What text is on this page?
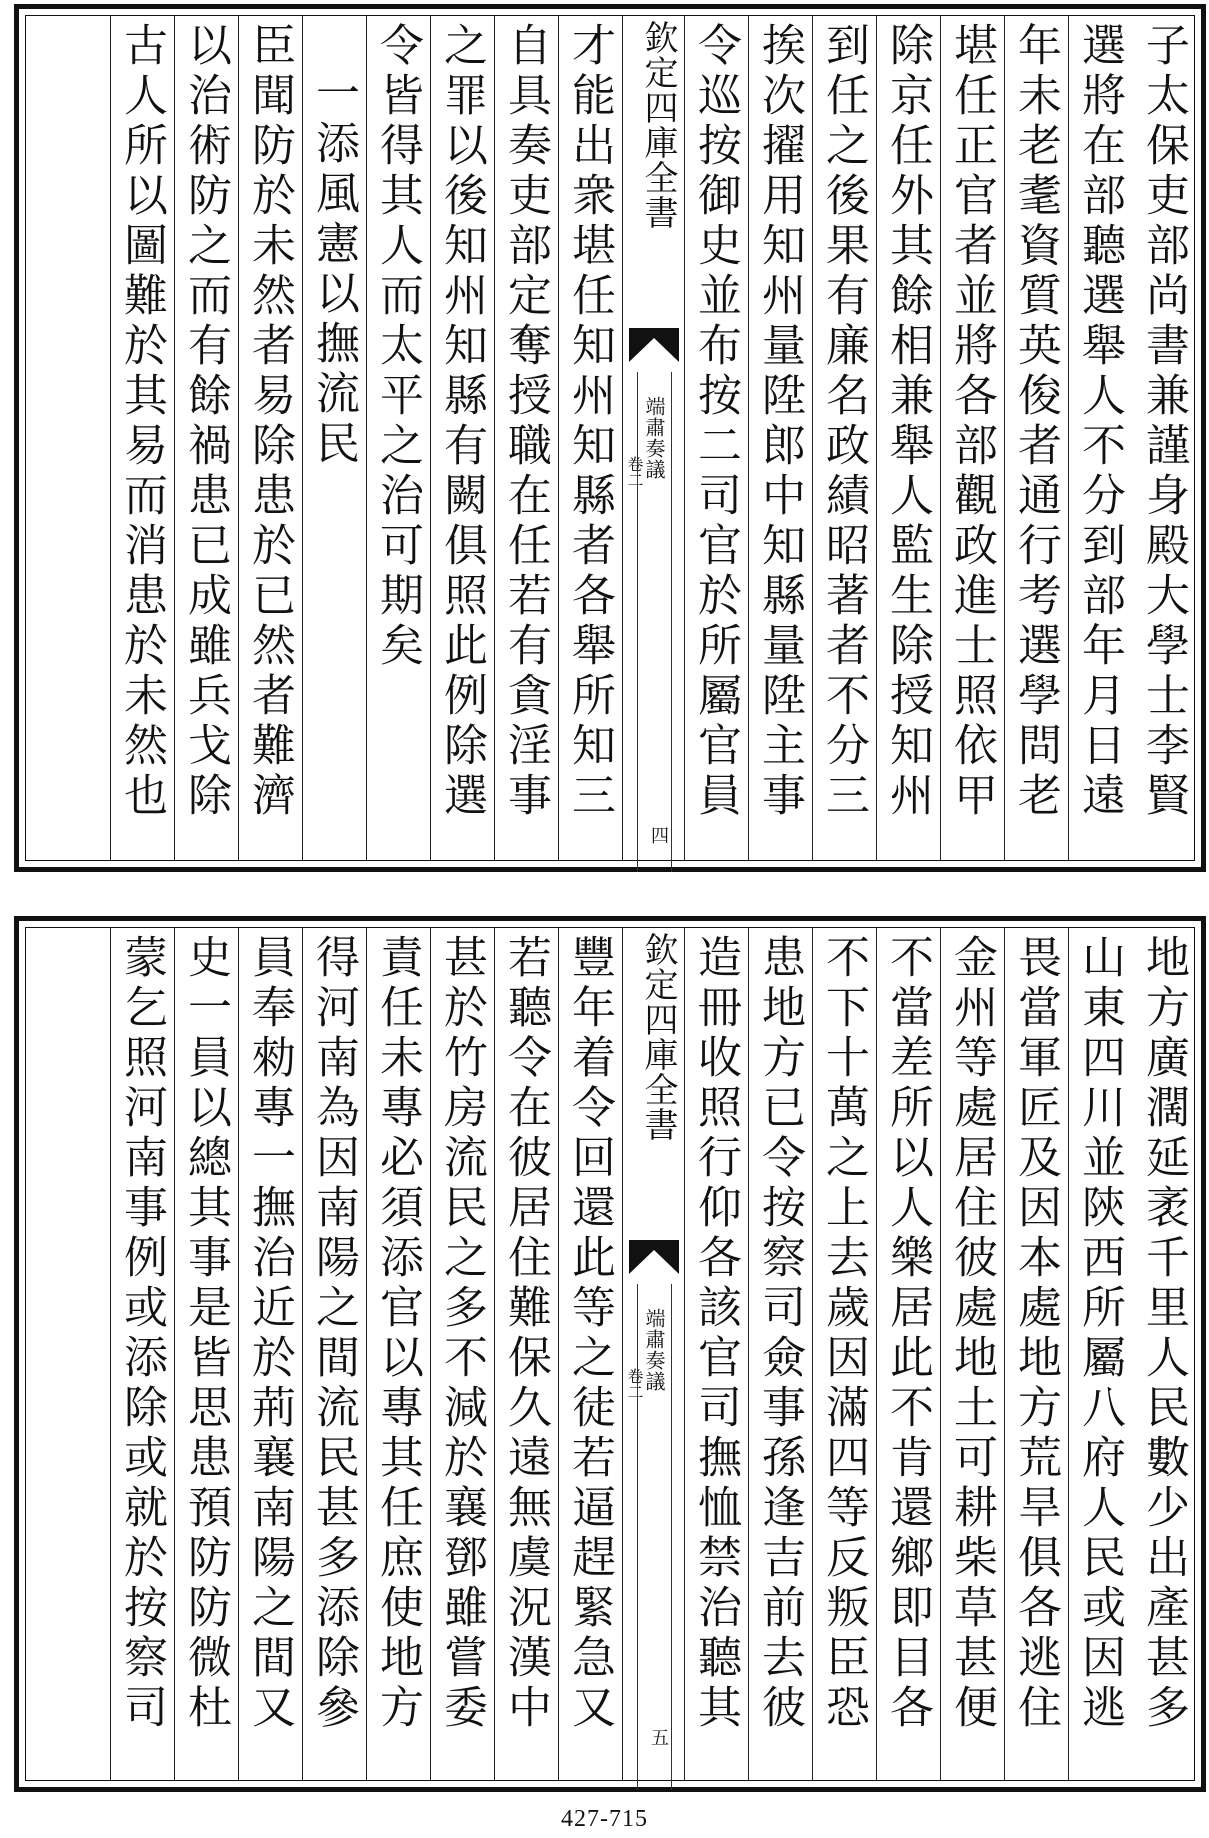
子太保吏部尚書兼謹身殿大學士李賢
選將在部聽選舉人不分到部年月日遠
年未老耄資質英俊者通行考選學問老
堪任正官者並將各部觀政進士照依甲
除京任外其餘相兼舉人監生除授知州
到任之後果有廉名政績昭著者不分三
挨次擢用知州量陞郎中知縣量陞主事
令巡按御史並布按二司官於所屬官員
欽定四庫全書
端肅奏議
卷二
四
才能出衆堪任知州知縣者各舉所知三
自具奏吏部定奪授職在任若有貪淫事
之罪以後知州知縣有闕俱照此例除選
令皆得其人而太平之治可期矣
一添風憲以撫流民
臣聞防於未然者易除患於已然者難濟
以治術防之而有餘禍患已成雖兵戈除
古人所以圖難於其易而消患於未然也
地方廣濶延袤千里人民數少出產甚多
山東四川並陝西所屬八府人民或因逃
畏當軍匠及因本處地方荒旱俱各逃住
金州等處居住彼處地土可耕柴草甚便
不當差所以人樂居此不肯還鄉即目各
不下十萬之上去歲因滿四等反叛臣恐
患地方已令按察司僉事孫逢吉前去彼
造冊收照行仰各該官司撫恤禁治聽其
欽定四庫全書
端肅奏議
卷二
五
豐年着令回還此等之徒若逼趕緊急又
若聽令在彼居住難保久遠無虞況漢中
甚於竹房流民之多不減於襄鄧雖嘗委
責任未專必須添官以專其任庶使地方
得河南為因南陽之間流民甚多添除參
員奉勑專一撫治近於荊襄南陽之間又
史一員以總其事是皆思患預防防微杜
蒙乞照河南事例或添除或就於按察司
427-715
